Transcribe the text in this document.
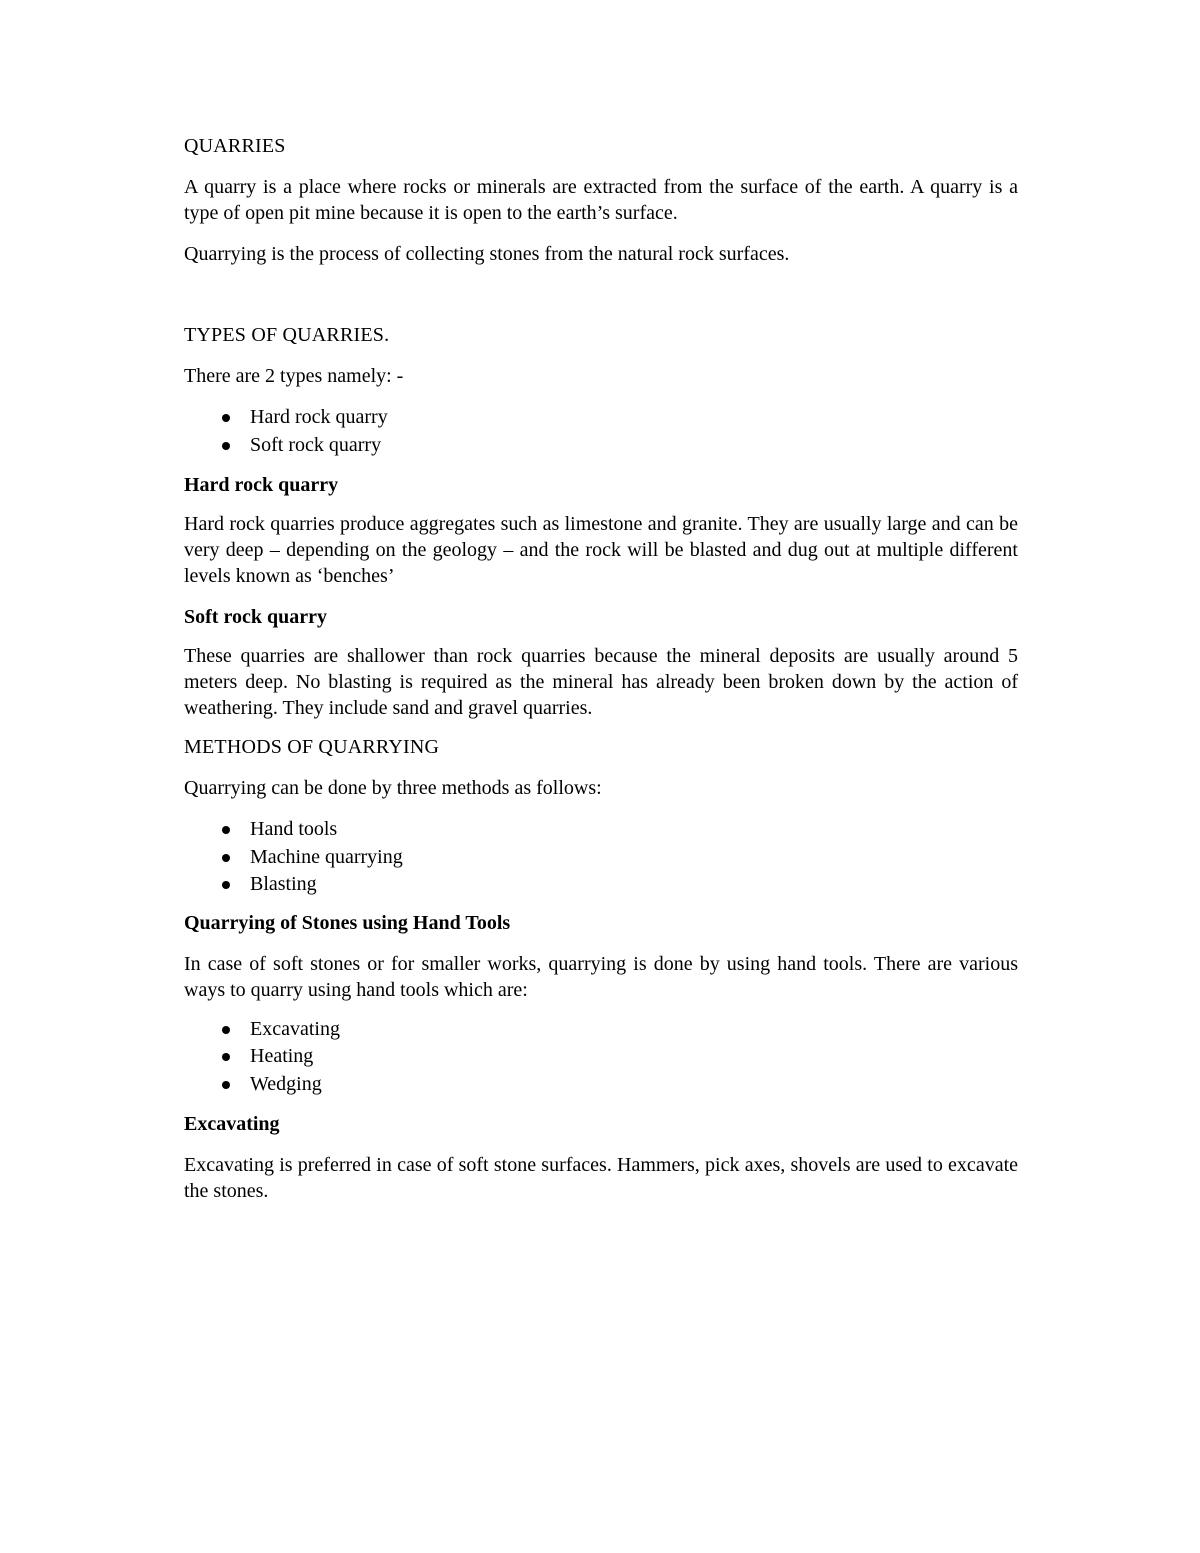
QUARRIES

A quarry is a place where rocks or minerals are extracted from the surface of the earth. A quarry is a type of open pit mine because it is open to the earth’s surface.

Quarrying is the process of collecting stones from the natural rock surfaces.

TYPES OF QUARRIES.

There are 2 types namely: -

Hard rock quarry
Soft rock quarry
Hard rock quarry

Hard rock quarries produce aggregates such as limestone and granite. They are usually large and can be very deep – depending on the geology – and the rock will be blasted and dug out at multiple different levels known as ‘benches’

Soft rock quarry

These quarries are shallower than rock quarries because the mineral deposits are usually around 5 meters deep. No blasting is required as the mineral has already been broken down by the action of weathering. They include sand and gravel quarries.

METHODS OF QUARRYING

Quarrying can be done by three methods as follows:

Hand tools
Machine quarrying
Blasting
Quarrying of Stones using Hand Tools

In case of soft stones or for smaller works, quarrying is done by using hand tools. There are various ways to quarry using hand tools which are:

Excavating
Heating
Wedging
Excavating

Excavating is preferred in case of soft stone surfaces. Hammers, pick axes, shovels are used to excavate the stones.
